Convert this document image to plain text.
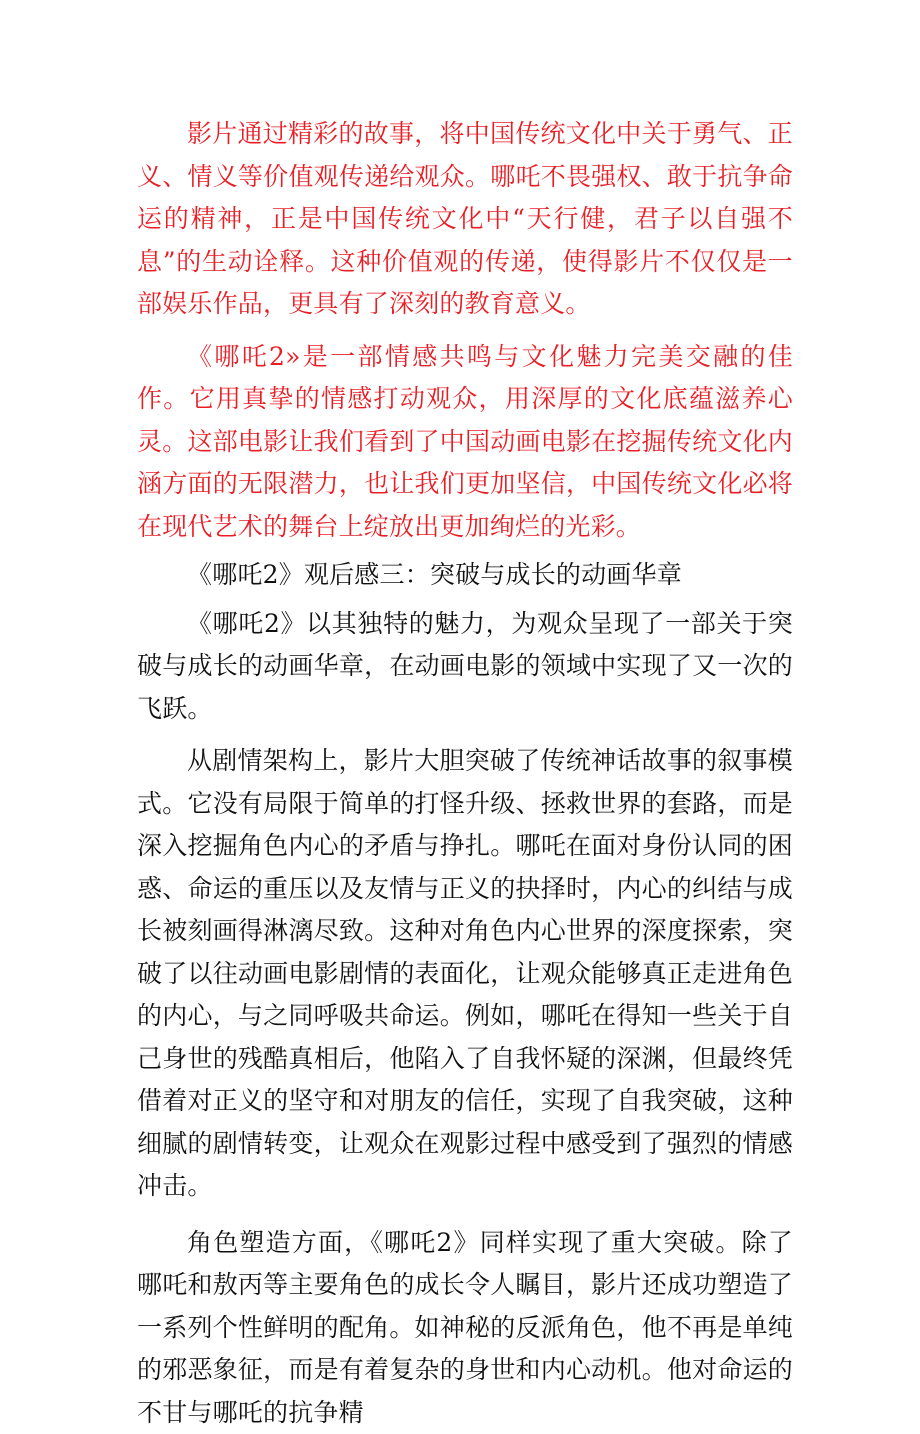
影片通过精彩的故事，将中国传统文化中关于勇气、正义、情义等价值观传递给观众。哪吒不畏强权、敢于抗争命运的精神，正是中国传统文化中“天行健，君子以自强不息”的生动诠释。这种价值观的传递，使得影片不仅仅是一部娱乐作品，更具有了深刻的教育意义。

《哪吒2»是一部情感共鸣与文化魅力完美交融的佳作。它用真挚的情感打动观众，用深厚的文化底蕴滋养心灵。这部电影让我们看到了中国动画电影在挖掘传统文化内涵方面的无限潜力，也让我们更加坚信，中国传统文化必将在现代艺术的舞台上绽放出更加绚烂的光彩。

《哪吒2》观后感三：突破与成长的动画华章

《哪吒2》以其独特的魅力，为观众呈现了一部关于突破与成长的动画华章，在动画电影的领域中实现了又一次的飞跃。

从剧情架构上，影片大胆突破了传统神话故事的叙事模式。它没有局限于简单的打怪升级、拯救世界的套路，而是深入挖掘角色内心的矛盾与挣扎。哪吒在面对身份认同的困惑、命运的重压以及友情与正义的抉择时，内心的纠结与成长被刻画得淋漓尽致。这种对角色内心世界的深度探索，突破了以往动画电影剧情的表面化，让观众能够真正走进角色的内心，与之同呼吸共命运。例如，哪吒在得知一些关于自己身世的残酷真相后，他陷入了自我怀疑的深渊，但最终凭借着对正义的坚守和对朋友的信任，实现了自我突破，这种细腻的剧情转变，让观众在观影过程中感受到了强烈的情感冲击。

角色塑造方面，《哪吒2》同样实现了重大突破。除了哪吒和敖丙等主要角色的成长令人瞩目，影片还成功塑造了一系列个性鲜明的配角。如神秘的反派角色，他不再是单纯的邪恶象征，而是有着复杂的身世和内心动机。他对命运的不甘与哪吒的抗争精
